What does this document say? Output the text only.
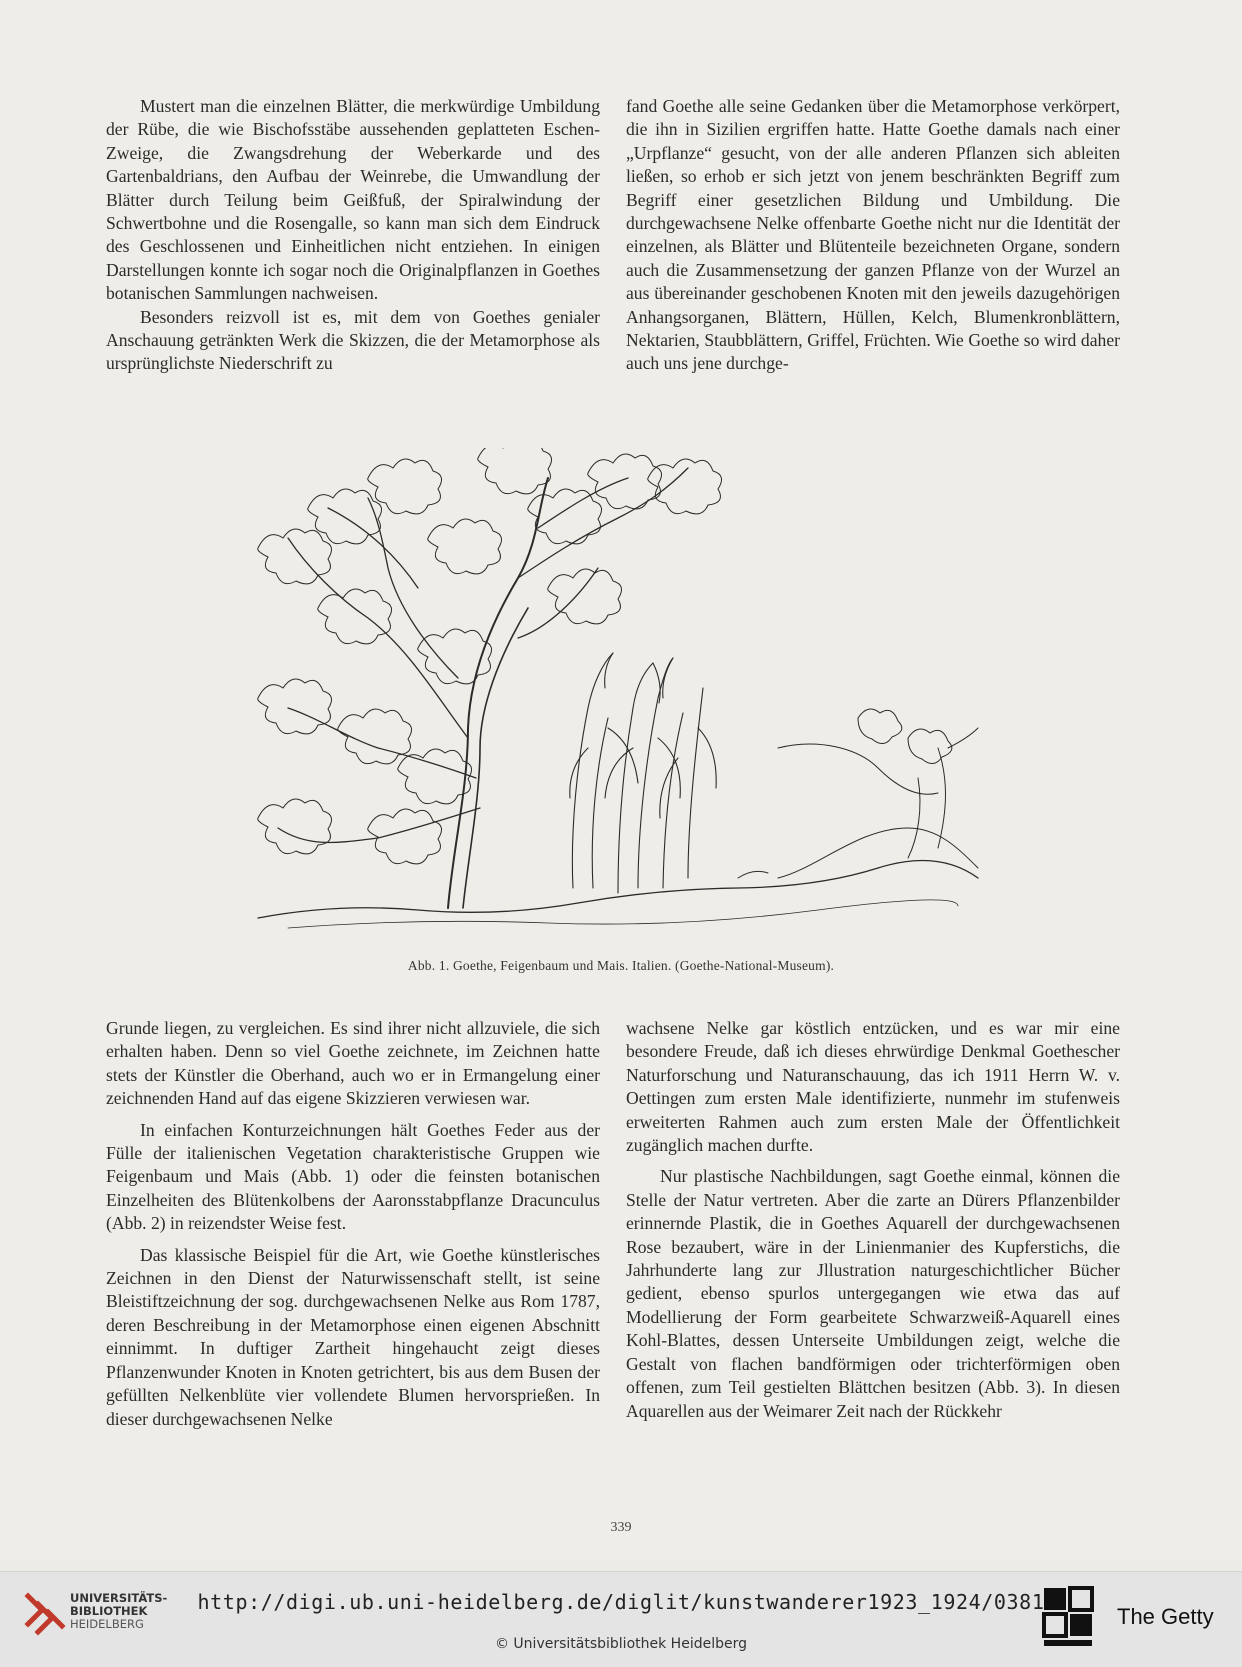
Mustert man die einzelnen Blätter, die merkwürdige Umbildung der Rübe, die wie Bischofsstäbe aussehenden geplatteten Eschen-Zweige, die Zwangsdrehung der Weberkarde und des Gartenbaldrians, den Aufbau der Weinrebe, die Umwandlung der Blätter durch Teilung beim Geißfuß, der Spiralwindung der Schwertbohne und die Rosengalle, so kann man sich dem Eindruck des Geschlossenen und Einheitlichen nicht entziehen. In einigen Darstellungen konnte ich sogar noch die Originalpflanzen in Goethes botanischen Sammlungen nachweisen.

Besonders reizvoll ist es, mit dem von Goethes genialer Anschauung getränkten Werk die Skizzen, die der Metamorphose als ursprünglichste Niederschrift zu

fand Goethe alle seine Gedanken über die Metamorphose verkörpert, die ihn in Sizilien ergriffen hatte. Hatte Goethe damals nach einer „Urpflanze“ gesucht, von der alle anderen Pflanzen sich ableiten ließen, so erhob er sich jetzt von jenem beschränkten Begriff zum Begriff einer gesetzlichen Bildung und Umbildung. Die durchgewachsene Nelke offenbarte Goethe nicht nur die Identität der einzelnen, als Blätter und Blütenteile bezeichneten Organe, sondern auch die Zusammensetzung der ganzen Pflanze von der Wurzel an aus übereinander geschobenen Knoten mit den jeweils dazugehörigen Anhangsorganen, Blättern, Hüllen, Kelch, Blumenkronblättern, Nektarien, Staubblättern, Griffel, Früchten. Wie Goethe so wird daher auch uns jene durchge-

Abb. 1. Goethe, Feigenbaum und Mais. Italien. (Goethe-National-Museum).

Grunde liegen, zu vergleichen. Es sind ihrer nicht allzuviele, die sich erhalten haben. Denn so viel Goethe zeichnete, im Zeichnen hatte stets der Künstler die Oberhand, auch wo er in Ermangelung einer zeichnenden Hand auf das eigene Skizzieren verwiesen war.

In einfachen Konturzeichnungen hält Goethes Feder aus der Fülle der italienischen Vegetation charakteristische Gruppen wie Feigenbaum und Mais (Abb. 1) oder die feinsten botanischen Einzelheiten des Blütenkolbens der Aaronsstabpflanze Dracunculus (Abb. 2) in reizendster Weise fest.

Das klassische Beispiel für die Art, wie Goethe künstlerisches Zeichnen in den Dienst der Naturwissenschaft stellt, ist seine Bleistiftzeichnung der sog. durchgewachsenen Nelke aus Rom 1787, deren Beschreibung in der Metamorphose einen eigenen Abschnitt einnimmt. In duftiger Zartheit hingehaucht zeigt dieses Pflanzenwunder Knoten in Knoten getrichtert, bis aus dem Busen der gefüllten Nelkenblüte vier vollendete Blumen hervorsprießen. In dieser durchgewachsenen Nelke

wachsene Nelke gar köstlich entzücken, und es war mir eine besondere Freude, daß ich dieses ehrwürdige Denkmal Goethescher Naturforschung und Naturanschauung, das ich 1911 Herrn W. v. Oettingen zum ersten Male identifizierte, nunmehr im stufenweis erweiterten Rahmen auch zum ersten Male der Öffentlichkeit zugänglich machen durfte.

Nur plastische Nachbildungen, sagt Goethe einmal, können die Stelle der Natur vertreten. Aber die zarte an Dürers Pflanzenbilder erinnernde Plastik, die in Goethes Aquarell der durchgewachsenen Rose bezaubert, wäre in der Linienmanier des Kupferstichs, die Jahrhunderte lang zur Jllustration naturgeschichtlicher Bücher gedient, ebenso spurlos untergegangen wie etwa das auf Modellierung der Form gearbeitete Schwarzweiß-Aquarell eines Kohl-Blattes, dessen Unterseite Umbildungen zeigt, welche die Gestalt von flachen bandförmigen oder trichterförmigen oben offenen, zum Teil gestielten Blättchen besitzen (Abb. 3). In diesen Aquarellen aus der Weimarer Zeit nach der Rückkehr

339
UNIVERSITÄTS-
BIBLIOTHEK
HEIDELBERG
http://digi.ub.uni-heidelberg.de/diglit/kunstwanderer1923_1924/0381
© Universitätsbibliothek Heidelberg
The Getty
